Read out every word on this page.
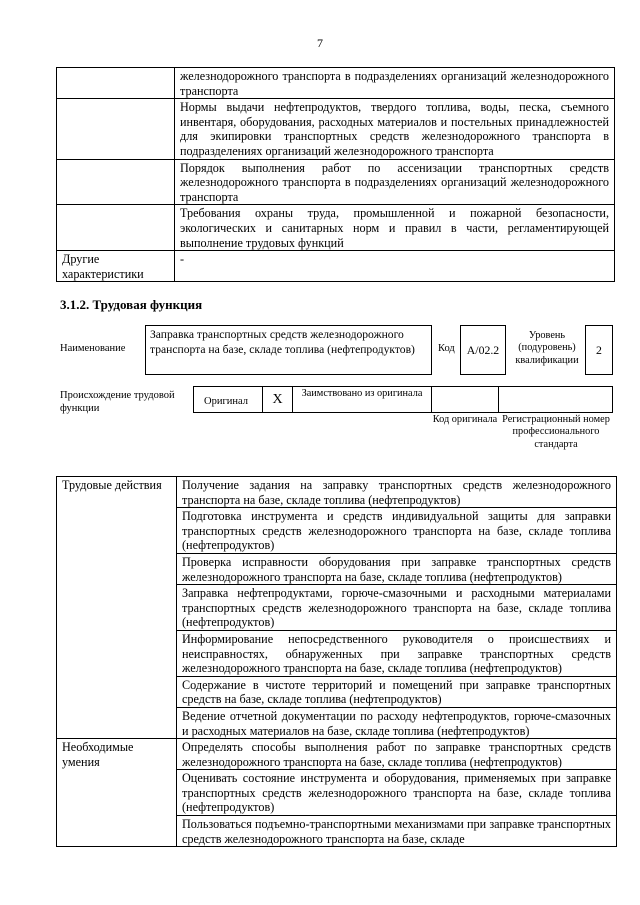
7
	железнодорожного транспорта в подразделениях организаций железнодорожного транспорта
	Нормы выдачи нефтепродуктов, твердого топлива, воды, песка, съемного инвентаря, оборудования, расходных материалов и постельных принадлежностей для экипировки транспортных средств железнодорожного транспорта в подразделениях организаций железнодорожного транспорта
	Порядок выполнения работ по ассенизации транспортных средств железнодорожного транспорта в подразделениях организаций железнодорожного транспорта
	Требования охраны труда, промышленной и пожарной безопасности, экологических и санитарных норм и правил в части, регламентирующей выполнение трудовых функций
Другие характеристики	-
3.1.2. Трудовая функция
Наименование
Заправка транспортных средств железнодорожного транспорта на базе, складе топлива (нефтепродуктов)	Код	А/02.2
Уровень (подуровень) квалификации
2
Происхождение трудовой функции
Оригинал	X	Заимствовано из оригинала
Код оригинала Регистрационный номер профессионального стандарта
Трудовые действия	Получение задания на заправку транспортных средств железнодорожного транспорта на базе, складе топлива (нефтепродуктов)
	Подготовка инструмента и средств индивидуальной защиты для заправки транспортных средств железнодорожного транспорта на базе, складе топлива (нефтепродуктов)
	Проверка исправности оборудования при заправке транспортных средств железнодорожного транспорта на базе, складе топлива (нефтепродуктов)
	Заправка нефтепродуктами, горюче-смазочными и расходными материалами транспортных средств железнодорожного транспорта на базе, складе топлива (нефтепродуктов)
	Информирование непосредственного руководителя о происшествиях и неисправностях, обнаруженных при заправке транспортных средств железнодорожного транспорта на базе, складе топлива (нефтепродуктов)
	Содержание в чистоте территорий и помещений при заправке транспортных средств на базе, складе топлива (нефтепродуктов)
	Ведение отчетной документации по расходу нефтепродуктов, горюче-смазочных и расходных материалов на базе, складе топлива (нефтепродуктов)
Необходимые умения	Определять способы выполнения работ по заправке транспортных средств железнодорожного транспорта на базе, складе топлива (нефтепродуктов)
	Оценивать состояние инструмента и оборудования, применяемых при заправке транспортных средств железнодорожного транспорта на базе, складе топлива (нефтепродуктов)
	Пользоваться подъемно-транспортными механизмами при заправке транспортных средств железнодорожного транспорта на базе, складе
